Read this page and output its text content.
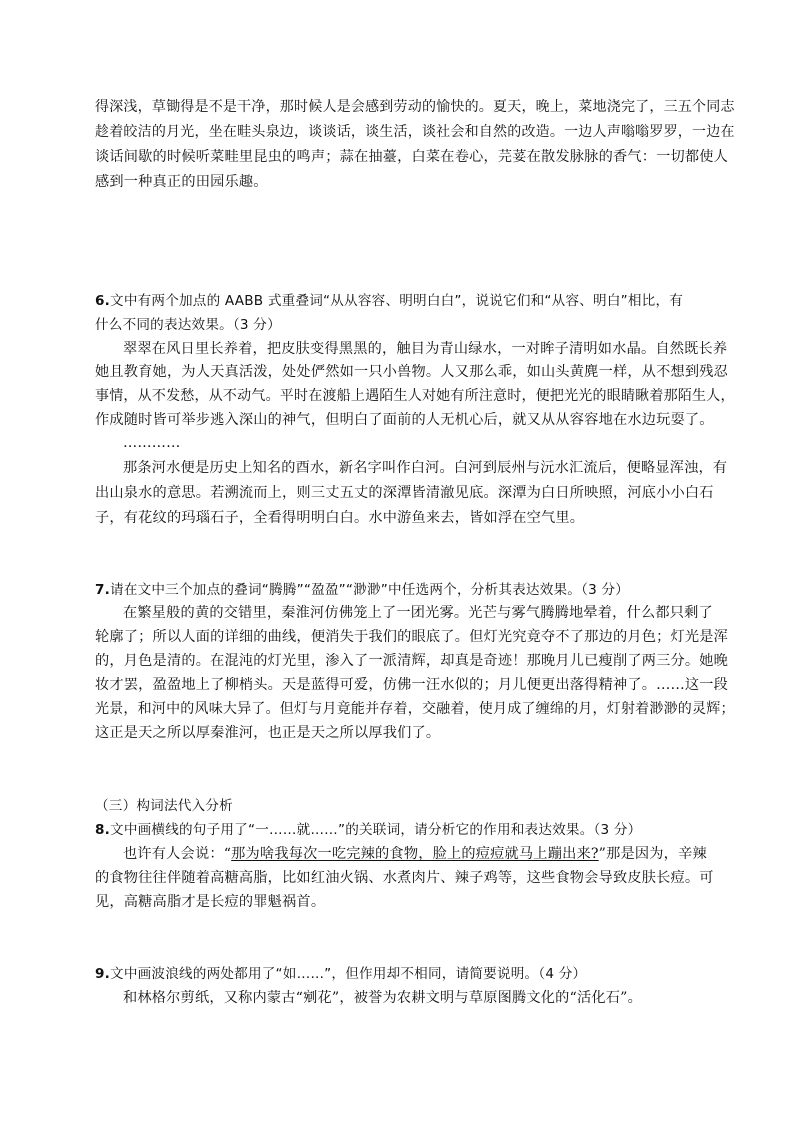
得深浅，草锄得是不是干净，那时候人是会感到劳动的愉快的。夏天，晚上，菜地浇完了，三五个同志
趁着皎洁的月光，坐在畦头泉边，谈谈话，谈生活，谈社会和自然的改造。一边人声嗡嗡罗罗，一边在
谈话间歇的时候听菜畦里昆虫的鸣声；蒜在抽薹，白菜在卷心，芫荽在散发脉脉的香气：一切都使人
感到一种真正的田园乐趣。
6.文中有两个加点的 AABB 式重叠词“从从容容、明明白白”，说说它们和“从容、明白”相比，有
什么不同的表达效果。（3 分）
翠翠在风日里长养着，把皮肤变得黑黑的，触目为青山绿水，一对眸子清明如水晶。自然既长养
她且教育她，为人天真活泼，处处俨然如一只小兽物。人又那么乖，如山头黄麂一样，从不想到残忍
事情，从不发愁，从不动气。平时在渡船上遇陌生人对她有所注意时，便把光光的眼睛瞅着那陌生人，
作成随时皆可举步逃入深山的神气，但明白了面前的人无机心后，就又从从容容地在水边玩耍了。
…………
那条河水便是历史上知名的酉水，新名字叫作白河。白河到辰州与沅水汇流后，便略显浑浊，有
出山泉水的意思。若溯流而上，则三丈五丈的深潭皆清澈见底。深潭为白日所映照，河底小小白石
子，有花纹的玛瑙石子，全看得明明白白。水中游鱼来去，皆如浮在空气里。
7.请在文中三个加点的叠词“腾腾”“盈盈”“渺渺”中任选两个，分析其表达效果。（3 分）
在繁星般的黄的交错里，秦淮河仿佛笼上了一团光雾。光芒与雾气腾腾地晕着，什么都只剩了
轮廓了；所以人面的详细的曲线，便消失于我们的眼底了。但灯光究竟夺不了那边的月色；灯光是浑
的，月色是清的。在混沌的灯光里，渗入了一派清辉，却真是奇迹！那晚月儿已瘦削了两三分。她晚
妆才罢，盈盈地上了柳梢头。天是蓝得可爱，仿佛一汪水似的；月儿便更出落得精神了。……这一段
光景，和河中的风味大异了。但灯与月竟能并存着，交融着，使月成了缠绵的月，灯射着渺渺的灵辉；
这正是天之所以厚秦淮河，也正是天之所以厚我们了。
（三）构词法代入分析
8.文中画横线的句子用了“一……就……”的关联词，请分析它的作用和表达效果。（3 分）
也许有人会说：“那为啥我每次一吃完辣的食物，脸上的痘痘就马上蹦出来?”那是因为，辛辣
的食物往往伴随着高糖高脂，比如红油火锅、水煮肉片、辣子鸡等，这些食物会导致皮肤长痘。可
见，高糖高脂才是长痘的罪魁祸首。
9.文中画波浪线的两处都用了“如……”，但作用却不相同，请简要说明。（4 分）
和林格尔剪纸，又称内蒙古“剜花”，被誉为农耕文明与草原图腾文化的“活化石”。
